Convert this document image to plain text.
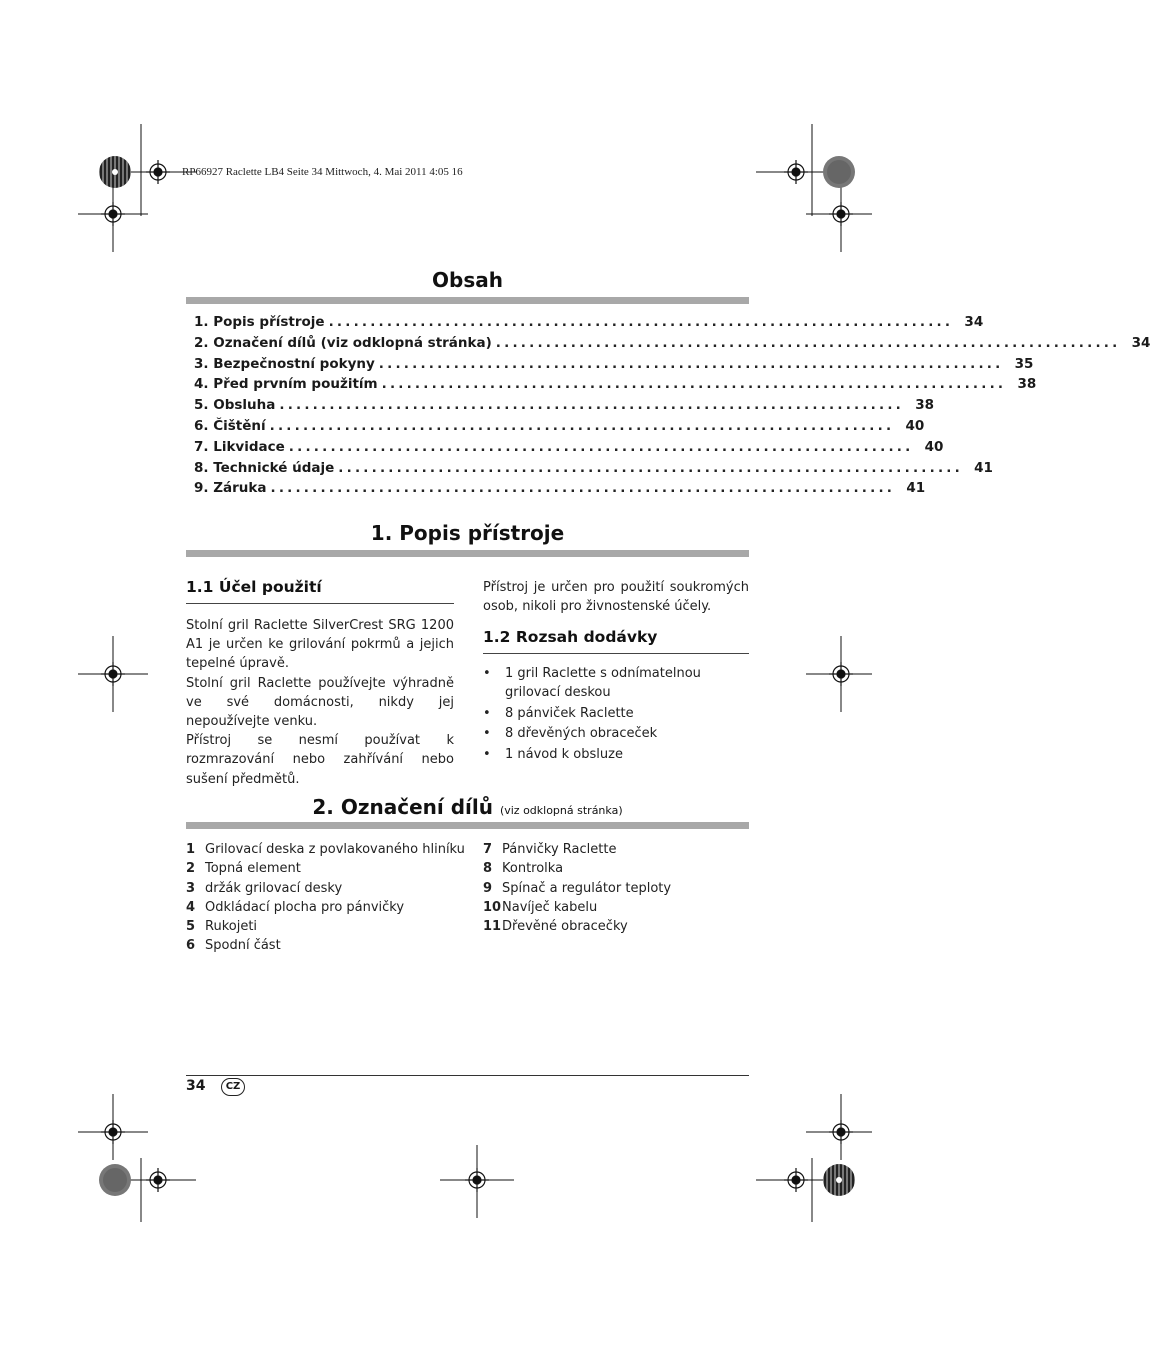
RP66927 Raclette LB4 Seite 34 Mittwoch, 4. Mai 2011 4:05 16
Obsah
1. Popis přístroje ........................................................................... 34
2. Označení dílů (viz odklopná stránka) ........................................................................... 34
3. Bezpečnostní pokyny ........................................................................... 35
4. Před prvním použitím ........................................................................... 38
5. Obsluha ........................................................................... 38
6. Čištění ........................................................................... 40
7. Likvidace ........................................................................... 40
8. Technické údaje ........................................................................... 41
9. Záruka ........................................................................... 41
1. Popis přístroje
1.1 Účel použití

Stolní gril Raclette SilverCrest SRG 1200 A1 je určen ke grilování pokrmů a jejich tepelné úpravě.

Stolní gril Raclette používejte výhradně ve své domácnosti, nikdy jej nepoužívejte venku.

Přístroj se nesmí používat k rozmrazování nebo zahřívání nebo sušení předmětů.

Přístroj je určen pro použití soukromých osob, nikoli pro živnostenské účely.

1.2 Rozsah dodávky
• 1 gril Raclette s odnímatelnou grilovací deskou
• 8 pánviček Raclette
• 8 dřevěných obraceček
• 1 návod k obsluze
2. Označení dílů (viz odklopná stránka)
1 Grilovací deska z povlakovaného hliníku
2 Topná element
3 držák grilovací desky
4 Odkládací plocha pro pánvičky
5 Rukojeti
6 Spodní část
7 Pánvičky Raclette
8 Kontrolka
9 Spínač a regulátor teploty
10 Navíječ kabelu
11 Dřevěné obracečky
34	CZ
